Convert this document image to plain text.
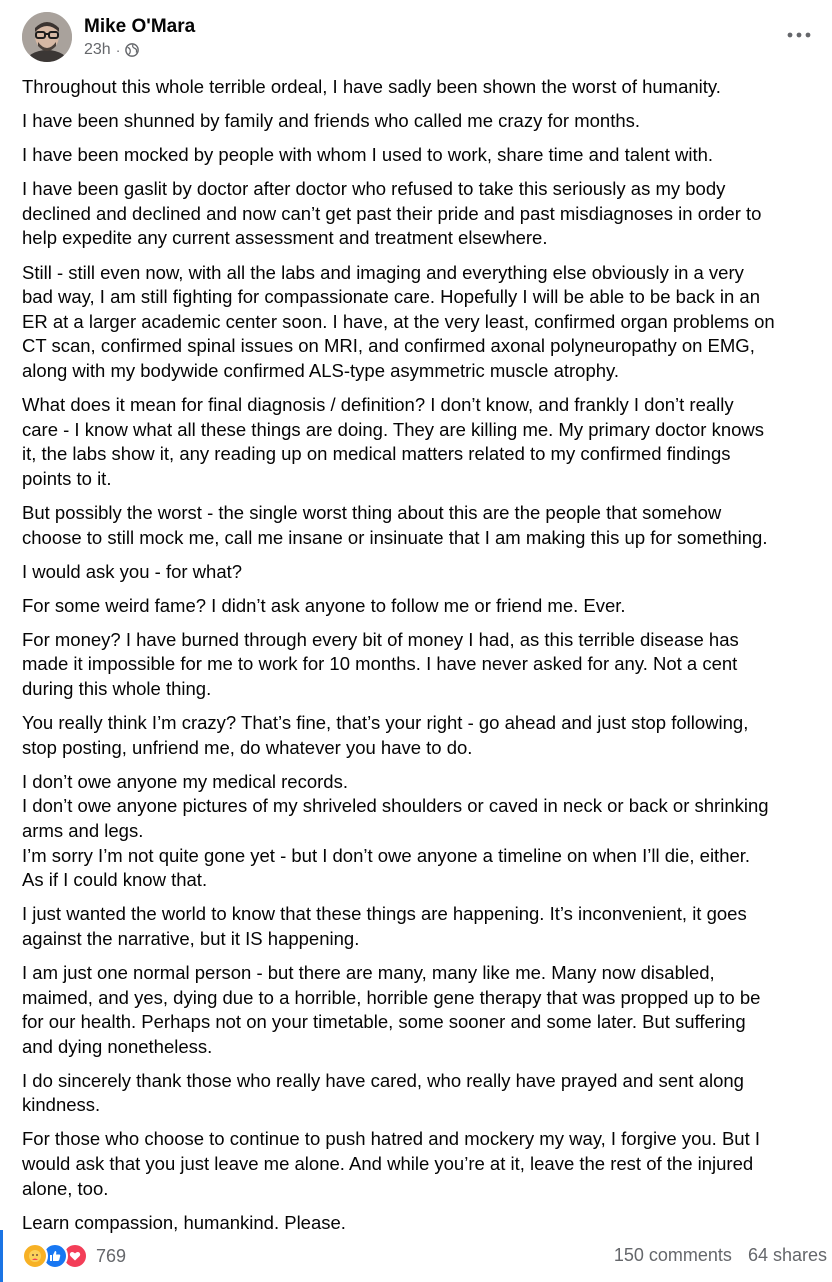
Mike O'Mara
23h ·

Throughout this whole terrible ordeal, I have sadly been shown the worst of humanity.

I have been shunned by family and friends who called me crazy for months.

I have been mocked by people with whom I used to work, share time and talent with.

I have been gaslit by doctor after doctor who refused to take this seriously as my body
declined and declined and now can’t get past their pride and past misdiagnoses in order to
help expedite any current assessment and treatment elsewhere.

Still - still even now, with all the labs and imaging and everything else obviously in a very
bad way, I am still fighting for compassionate care. Hopefully I will be able to be back in an
ER at a larger academic center soon. I have, at the very least, confirmed organ problems on
CT scan, confirmed spinal issues on MRI, and confirmed axonal polyneuropathy on EMG,
along with my bodywide confirmed ALS-type asymmetric muscle atrophy.

What does it mean for final diagnosis / definition? I don’t know, and frankly I don’t really
care - I know what all these things are doing. They are killing me. My primary doctor knows
it, the labs show it, any reading up on medical matters related to my confirmed findings
points to it.

But possibly the worst - the single worst thing about this are the people that somehow
choose to still mock me, call me insane or insinuate that I am making this up for something.

I would ask you - for what?

For some weird fame? I didn’t ask anyone to follow me or friend me. Ever.

For money? I have burned through every bit of money I had, as this terrible disease has
made it impossible for me to work for 10 months. I have never asked for any. Not a cent
during this whole thing.

You really think I’m crazy? That’s fine, that’s your right - go ahead and just stop following,
stop posting, unfriend me, do whatever you have to do.

I don’t owe anyone my medical records.
I don’t owe anyone pictures of my shriveled shoulders or caved in neck or back or shrinking
arms and legs.
I’m sorry I’m not quite gone yet - but I don’t owe anyone a timeline on when I’ll die, either.
As if I could know that.

I just wanted the world to know that these things are happening. It’s inconvenient, it goes
against the narrative, but it IS happening.

I am just one normal person - but there are many, many like me. Many now disabled,
maimed, and yes, dying due to a horrible, horrible gene therapy that was propped up to be
for our health. Perhaps not on your timetable, some sooner and some later. But suffering
and dying nonetheless.

I do sincerely thank those who really have cared, who really have prayed and sent along
kindness.

For those who choose to continue to push hatred and mockery my way, I forgive you. But I
would ask that you just leave me alone. And while you’re at it, leave the rest of the injured
alone, too.

Learn compassion, humankind. Please.

769	150 comments 64 shares
